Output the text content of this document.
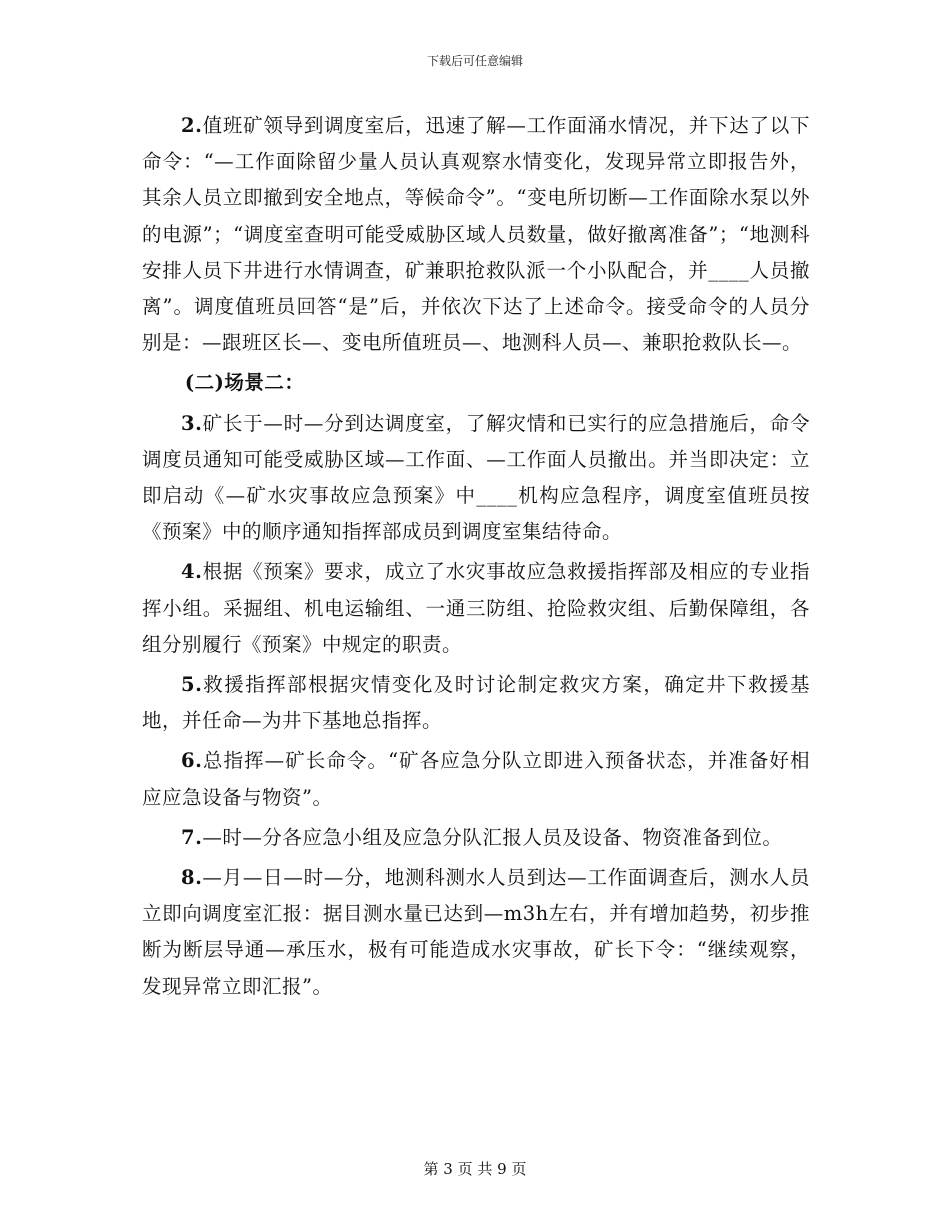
下载后可任意编辑

2.值班矿领导到调度室后，迅速了解—工作面涌水情况，并下达了以下命令：“—工作面除留少量人员认真观察水情变化，发现异常立即报告外，其余人员立即撤到安全地点，等候命令”。“变电所切断—工作面除水泵以外的电源”；“调度室查明可能受威胁区域人员数量，做好撤离准备”；“地测科安排人员下井进行水情调查，矿兼职抢救队派一个小队配合，并____人员撤离”。调度值班员回答“是”后，并依次下达了上述命令。接受命令的人员分别是：—跟班区长—、变电所值班员—、地测科人员—、兼职抢救队长—。

(二)场景二：

3.矿长于—时—分到达调度室，了解灾情和已实行的应急措施后，命令调度员通知可能受威胁区域—工作面、—工作面人员撤出。并当即决定：立即启动《—矿水灾事故应急预案》中____机构应急程序，调度室值班员按《预案》中的顺序通知指挥部成员到调度室集结待命。

4.根据《预案》要求，成立了水灾事故应急救援指挥部及相应的专业指挥小组。采掘组、机电运输组、一通三防组、抢险救灾组、后勤保障组，各组分别履行《预案》中规定的职责。

5.救援指挥部根据灾情变化及时讨论制定救灾方案，确定井下救援基地，并任命—为井下基地总指挥。

6.总指挥—矿长命令。“矿各应急分队立即进入预备状态，并准备好相应应急设备与物资”。

7.—时—分各应急小组及应急分队汇报人员及设备、物资准备到位。

8.—月—日—时—分，地测科测水人员到达—工作面调查后，测水人员立即向调度室汇报：据目测水量已达到—m3h左右，并有增加趋势，初步推断为断层导通—承压水，极有可能造成水灾事故，矿长下令：“继续观察，发现异常立即汇报”。

第 3 页 共 9 页
